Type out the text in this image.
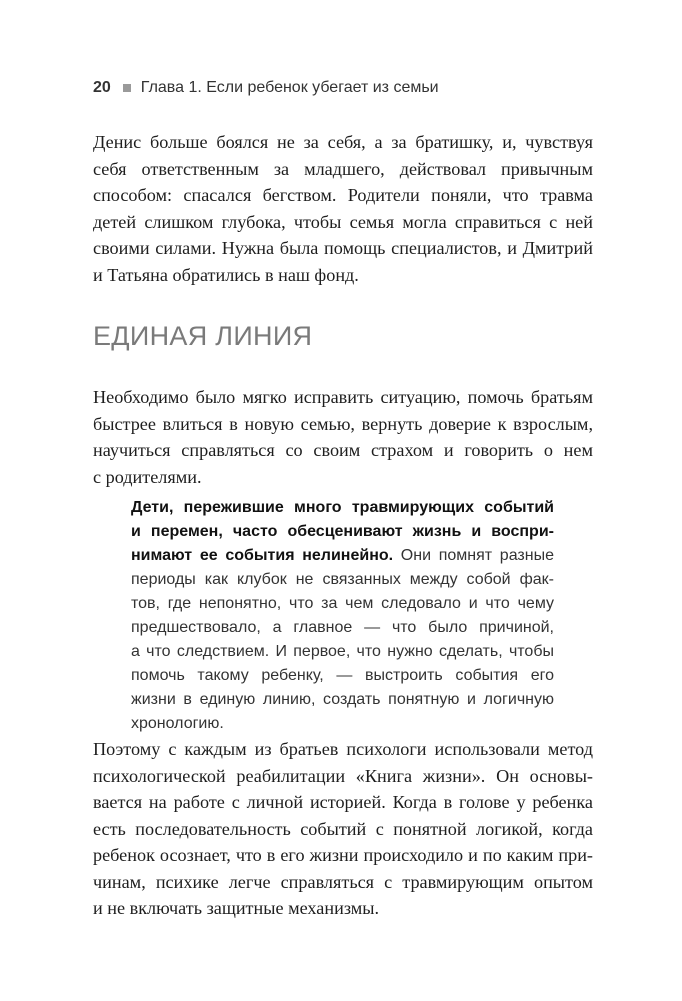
20 Глава 1. Если ребенок убегает из семьи
Денис больше боялся не за себя, а за братишку, и, чувствуя
себя ответственным за младшего, действовал привычным
способом: спасался бегством. Родители поняли, что травма
детей слишком глубока, чтобы семья могла справиться с ней
своими силами. Нужна была помощь специалистов, и Дмитрий
и Татьяна обратились в наш фонд.
ЕДИНАЯ ЛИНИЯ
Необходимо было мягко исправить ситуацию, помочь братьям
быстрее влиться в новую семью, вернуть доверие к взрослым,
научиться справляться со своим страхом и говорить о нем
с родителями.
Дети, пережившие много травмирующих событий
и перемен, часто обесценивают жизнь и воспри-
нимают ее события нелинейно. Они помнят разные
периоды как клубок не связанных между собой фак-
тов, где непонятно, что за чем следовало и что чему
предшествовало, а главное — что было причиной,
а что следствием. И первое, что нужно сделать, чтобы
помочь такому ребенку, — выстроить события его
жизни в единую линию, создать понятную и логичную
хронологию.
Поэтому с каждым из братьев психологи использовали метод
психологической реабилитации «Книга жизни». Он основы-
вается на работе с личной историей. Когда в голове у ребенка
есть последовательность событий с понятной логикой, когда
ребенок осознает, что в его жизни происходило и по каким при-
чинам, психике легче справляться с травмирующим опытом
и не включать защитные механизмы.
